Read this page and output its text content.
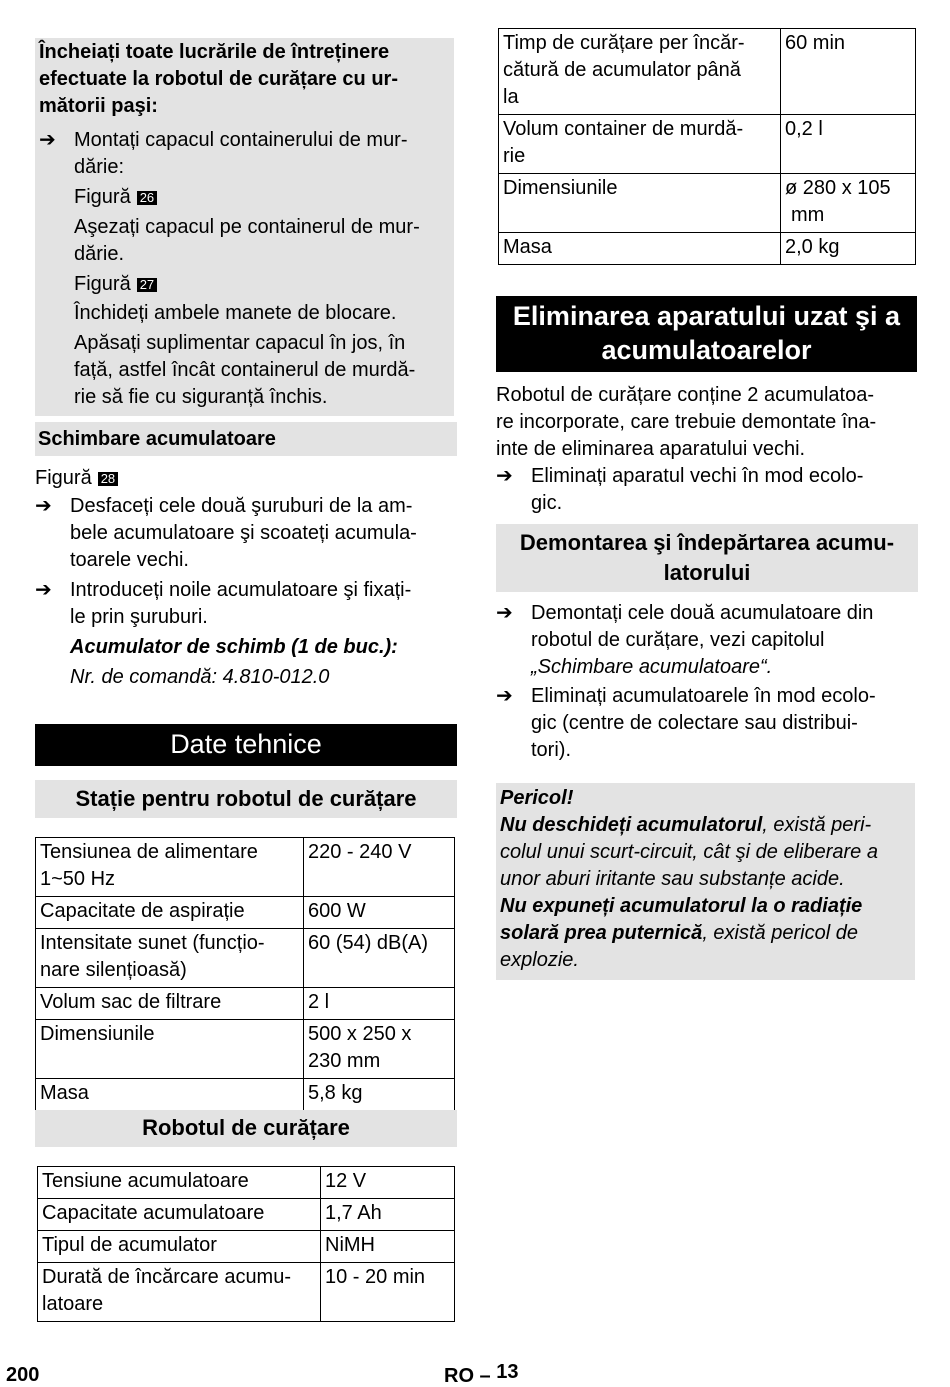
Încheiați toate lucrările de întreținere
efectuate la robotul de curățare cu ur-
mătorii paşi:
➔ Montați capacul containerului de mur-
dărie:
Figură 26
Aşezați capacul pe containerul de mur-
dărie.
Figură 27
Închideți ambele manete de blocare.
Apăsați suplimentar capacul în jos, în
față, astfel încât containerul de murdă-
rie să fie cu siguranță închis.
Schimbare acumulatoare
Figură 28
➔ Desfaceți cele două şuruburi de la am-
bele acumulatoare şi scoateți acumula-
toarele vechi.
➔ Introduceți noile acumulatoare şi fixați-
le prin şuruburi.
Acumulator de schimb (1 de buc.):
Nr. de comandă: 4.810-012.0
Date tehnice
Stație pentru robotul de curățare
Tensiunea de alimentare
1~50 Hz	220 - 240 V

Capacitate de aspirație	600 W

Intensitate sunet (funcțio-
nare silențioasă)	60 (54) dB(A)

Volum sac de filtrare	2 l

Dimensiunile	500 x 250 x
230 mm

Masa	5,8 kg
Robotul de curățare
Tensiune acumulatoare	12 V

Capacitate acumulatoare	1,7 Ah

Tipul de acumulator	NiMH

Durată de încărcare acumu-
latoare	10 - 20 min
Timp de curățare per încăr-
cătură de acumulator până
la	60 min

Volum container de murdă-
rie	0,2 l

Dimensiunile	ø 280 x 105
mm

Masa	2,0 kg
Eliminarea aparatului uzat şi a
acumulatoarelor
Robotul de curățare conține 2 acumulatoa-
re incorporate, care trebuie demontate îna-
inte de eliminarea aparatului vechi.
➔ Eliminați aparatul vechi în mod ecolo-
gic.
Demontarea şi îndepărtarea acumu-
latorului
➔ Demontați cele două acumulatoare din
robotul de curățare, vezi capitolul
„Schimbare acumulatoare“.
➔ Eliminați acumulatoarele în mod ecolo-
gic (centre de colectare sau distribui-
tori).
Pericol!
Nu deschideți acumulatorul, există peri-
colul unui scurt-circuit, cât şi de eliberare a
unor aburi iritante sau substanțe acide.
Nu expuneți acumulatorul la o radiație
solară prea puternică, există pericol de
explozie.
200	RO – 13
